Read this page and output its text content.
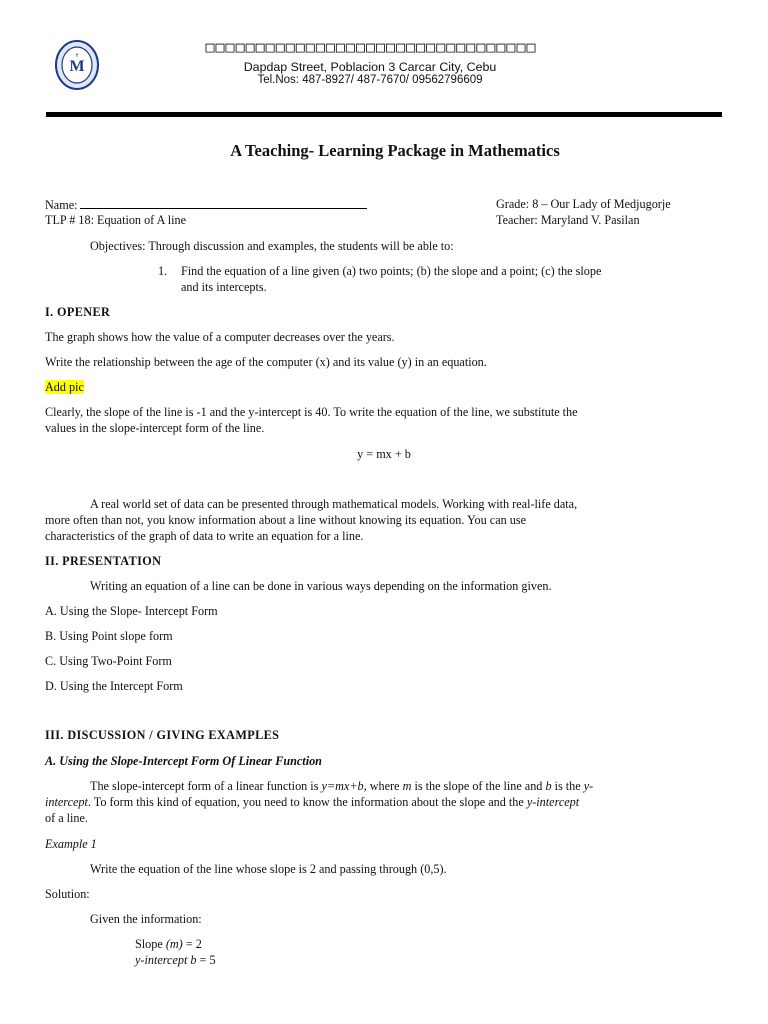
M
✝	□□□□□□□□□□□□□□□□□□□□□□□□□□□□□□□□□
Dapdap Street, Poblacion 3 Carcar City, Cebu
Tel.Nos: 487-8927/ 487-7670/ 09562796609
A Teaching- Learning Package in Mathematics
Name:
TLP # 18: Equation of A line
Grade: 8 – Our Lady of Medjugorje
Teacher: Maryland V. Pasilan
Objectives: Through discussion and examples, the students will be able to:
1. Find the equation of a line given (a) two points; (b) the slope and a point; (c) the slope
and its intercepts.
I. OPENER
The graph shows how the value of a computer decreases over the years.
Write the relationship between the age of the computer (x) and its value (y) in an equation.
Add pic
Clearly, the slope of the line is -1 and the y-intercept is 40. To write the equation of the line, we substitute the
values in the slope-intercept form of the line.
y = mx + b
A real world set of data can be presented through mathematical models. Working with real-life data,
more often than not, you know information about a line without knowing its equation. You can use
characteristics of the graph of data to write an equation for a line.
II. PRESENTATION
Writing an equation of a line can be done in various ways depending on the information given.
A. Using the Slope- Intercept Form
B. Using Point slope form
C. Using Two-Point Form
D. Using the Intercept Form
III. DISCUSSION / GIVING EXAMPLES
A. Using the Slope-Intercept Form Of Linear Function
The slope-intercept form of a linear function is y=mx+b, where m is the slope of the line and b is the y-
intercept. To form this kind of equation, you need to know the information about the slope and the y-intercept
of a line.
Example 1
Write the equation of the line whose slope is 2 and passing through (0,5).
Solution:
Given the information:
Slope (m) = 2
y-intercept b = 5
